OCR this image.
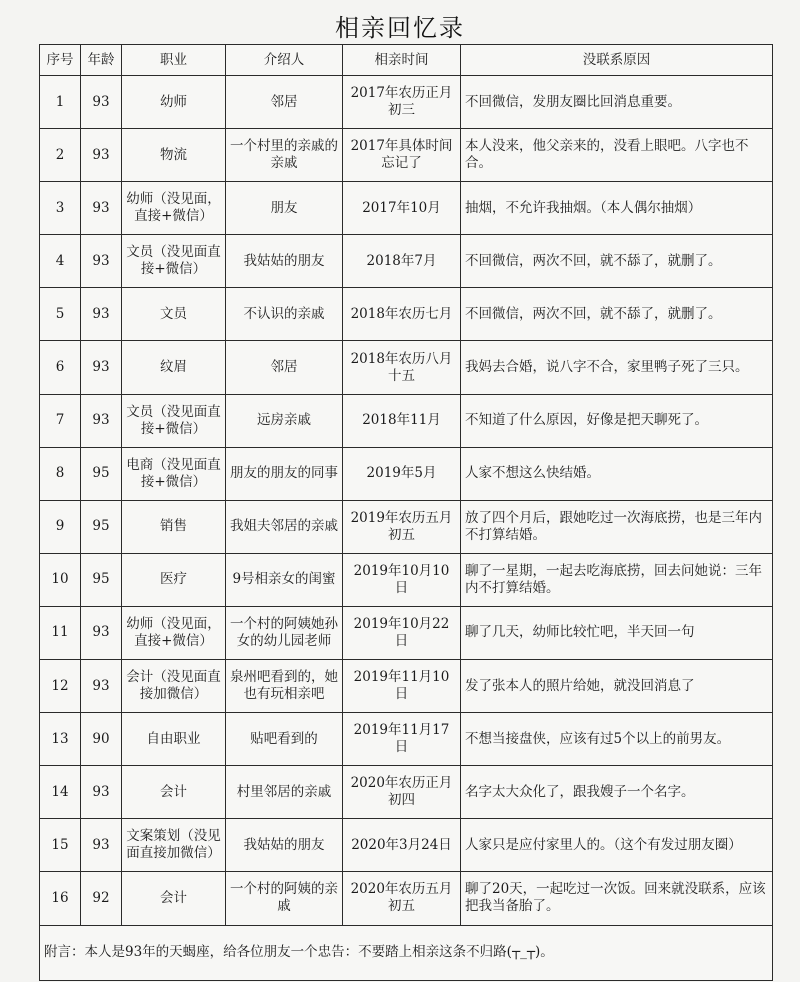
相亲回忆录
序号	年龄	职业	介绍人	相亲时间	没联系原因
1	93	幼师	邻居	2017年农历正月初三	不回微信，发朋友圈比回消息重要。
2	93	物流	一个村里的亲戚的亲戚	2017年具体时间忘记了	本人没来，他父亲来的，没看上眼吧。八字也不合。
3	93	幼师（没见面，直接+微信）	朋友	2017年10月	抽烟，不允许我抽烟。（本人偶尔抽烟）
4	93	文员（没见面直接+微信）	我姑姑的朋友	2018年7月	不回微信，两次不回，就不舔了，就删了。
5	93	文员	不认识的亲戚	2018年农历七月	不回微信，两次不回，就不舔了，就删了。
6	93	纹眉	邻居	2018年农历八月十五	我妈去合婚，说八字不合，家里鸭子死了三只。
7	93	文员（没见面直接+微信）	远房亲戚	2018年11月	不知道了什么原因，好像是把天聊死了。
8	95	电商（没见面直接+微信）	朋友的朋友的同事	2019年5月	人家不想这么快结婚。
9	95	销售	我姐夫邻居的亲戚	2019年农历五月初五	放了四个月后，跟她吃过一次海底捞，也是三年内不打算结婚。
10	95	医疗	9号相亲女的闺蜜	2019年10月10日	聊了一星期，一起去吃海底捞，回去问她说：三年内不打算结婚。
11	93	幼师（没见面，直接+微信）	一个村的阿姨她孙女的幼儿园老师	2019年10月22日	聊了几天，幼师比较忙吧，半天回一句
12	93	会计（没见面直接加微信）	泉州吧看到的，她也有玩相亲吧	2019年11月10日	发了张本人的照片给她，就没回消息了
13	90	自由职业	贴吧看到的	2019年11月17日	不想当接盘侠，应该有过5个以上的前男友。
14	93	会计	村里邻居的亲戚	2020年农历正月初四	名字太大众化了，跟我嫂子一个名字。
15	93	文案策划（没见面直接加微信）	我姑姑的朋友	2020年3月24日	人家只是应付家里人的。（这个有发过朋友圈）
16	92	会计	一个村的阿姨的亲戚	2020年农历五月初五	聊了20天，一起吃过一次饭。回来就没联系，应该把我当备胎了。
附言：本人是93年的天蝎座，给各位朋友一个忠告：不要踏上相亲这条不归路(┬_┬)。					
